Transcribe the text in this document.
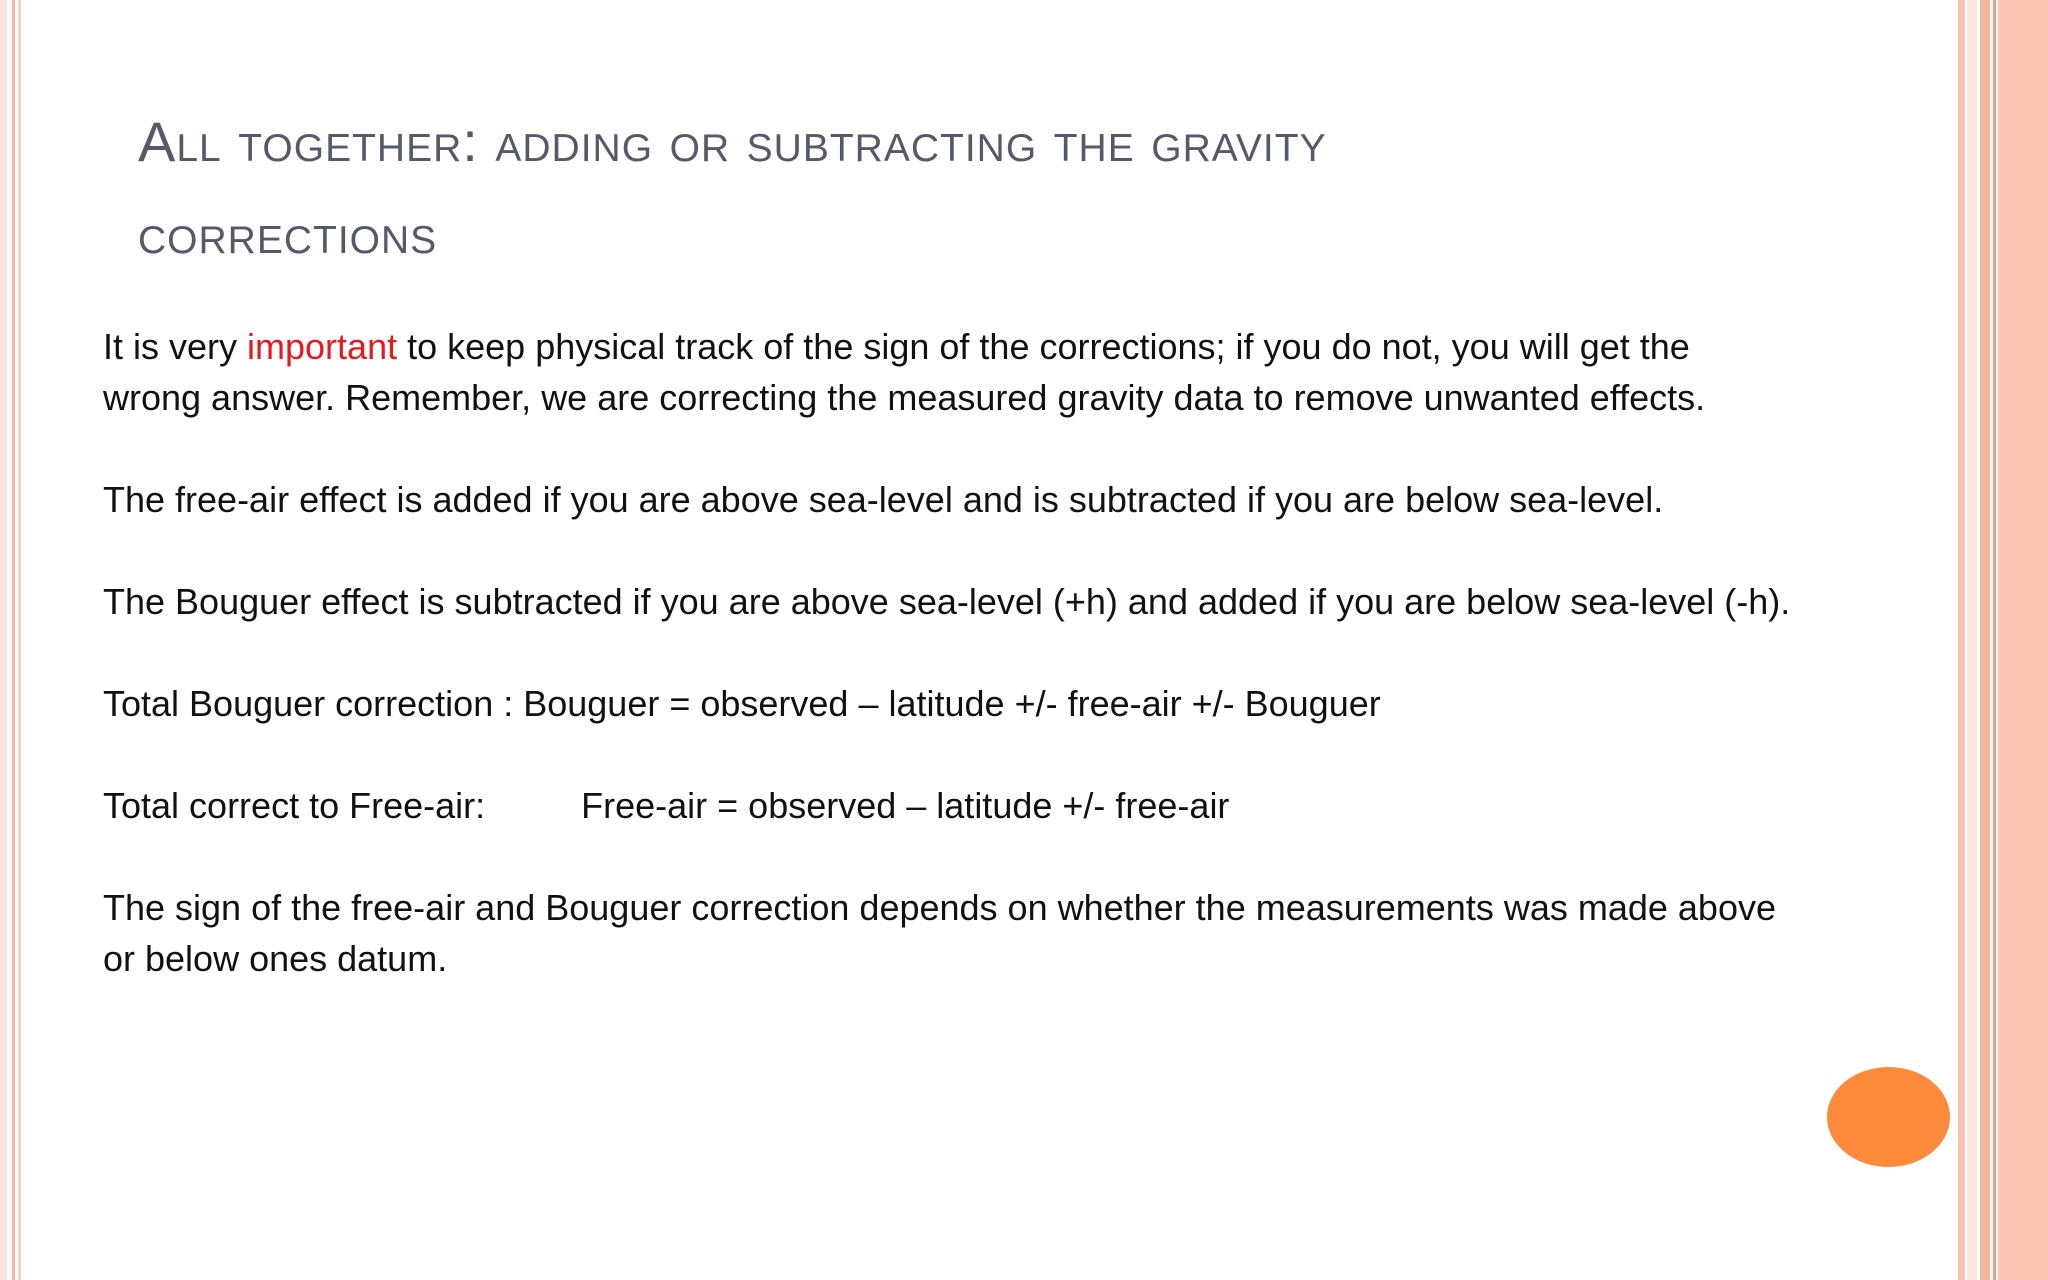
All together: adding or subtracting the gravity
corrections

It is very important to keep physical track of the sign of the corrections; if you do not, you will get the
wrong answer. Remember, we are correcting the measured gravity data to remove unwanted effects.

The free-air effect is added if you are above sea-level and is subtracted if you are below sea-level.

The Bouguer effect is subtracted if you are above sea-level (+h) and added if you are below sea-level (-h).

Total Bouguer correction : Bouguer = observed – latitude +/- free-air +/- Bouguer

Total correct to Free-air:	Free-air = observed – latitude +/- free-air

The sign of the free-air and Bouguer correction depends on whether the measurements was made above
or below ones datum.
